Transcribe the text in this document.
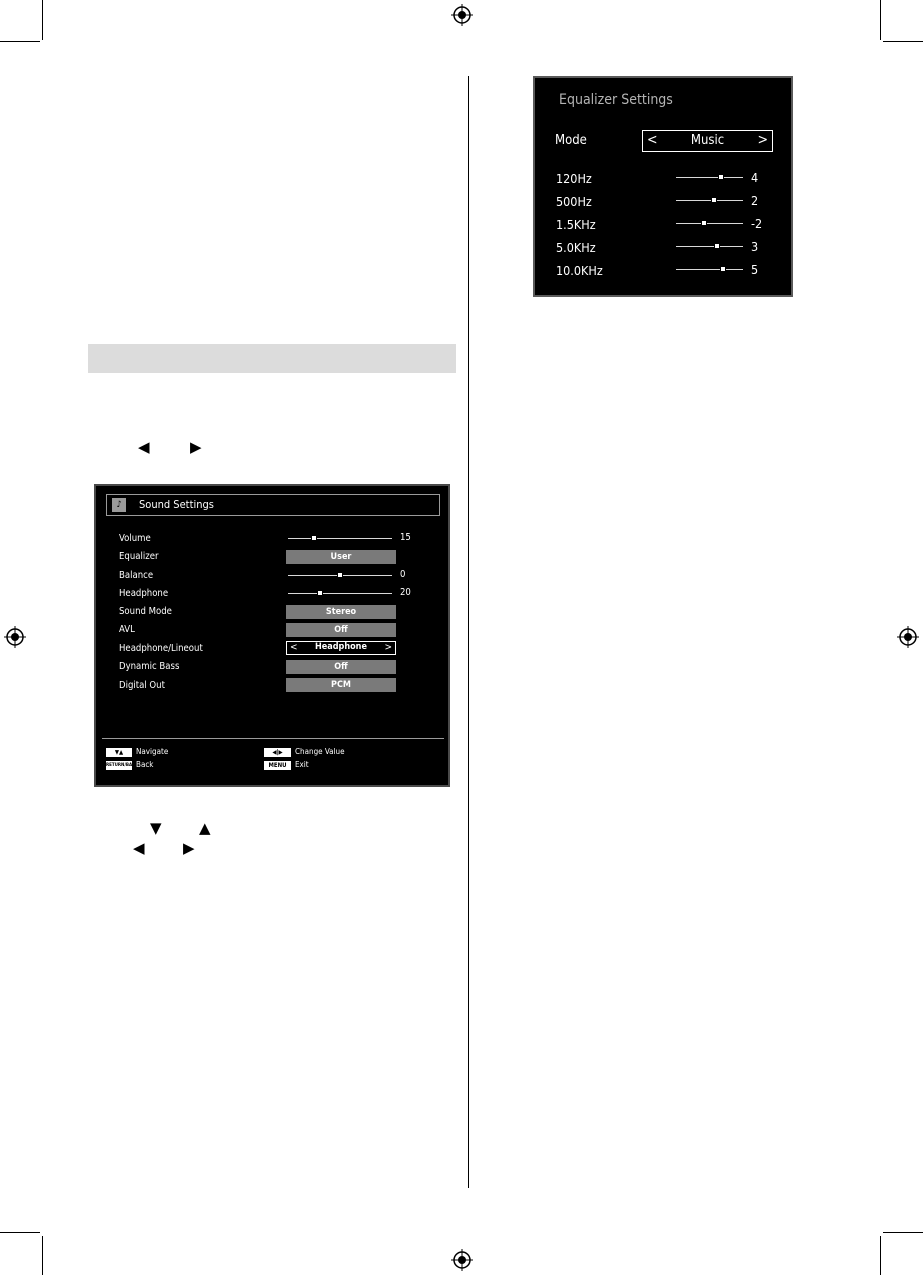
◀	▶
▼ ▲
◀	▶
♪	Sound Settings
Volume	15
Equalizer	User
Balance	0
Headphone	20
Sound Mode	Stereo
AVL	Off
Headphone/Lineout	< Headphone >
Dynamic Bass	Off
Digital Out	PCM
▼▲	Navigate
RETURN/BACK
Back
◀|▶	Change Value
MENU	Exit
Equalizer Settings
Mode	<	Music >
120Hz	4
500Hz	2
1.5KHz	-2
5.0KHz	3
10.0KHz	5
